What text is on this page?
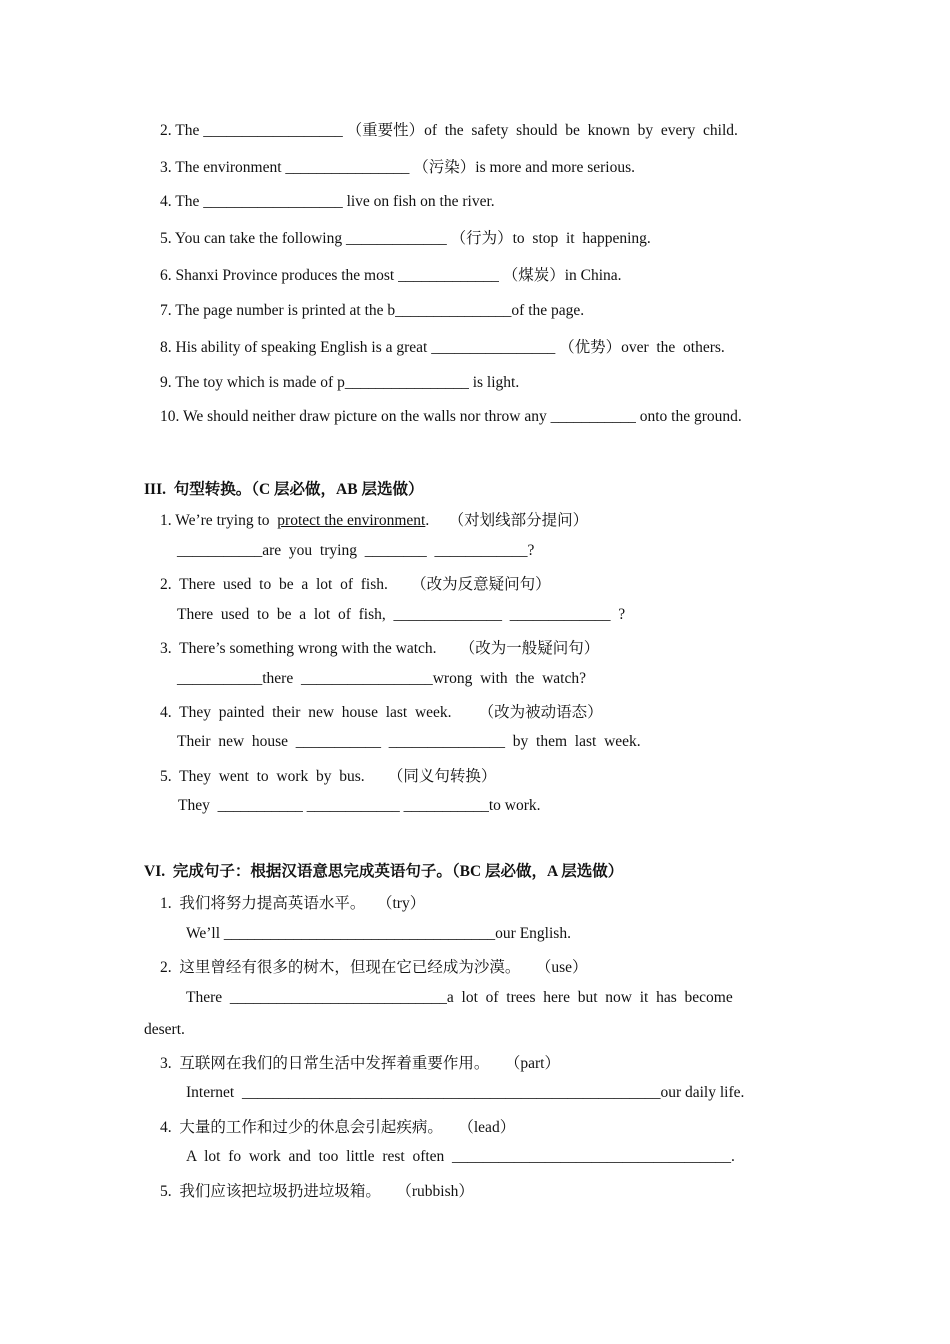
2. The __________________ （重要性）of  the  safety  should  be  known  by  every  child.
3. The environment ________________ （污染）is more and more serious.
4. The __________________ live on fish on the river.
5. You can take the following _____________ （行为）to  stop  it  happening.
6. Shanxi Province produces the most _____________ （煤炭）in China.
7. The page number is printed at the b_______________of the page.
8. His ability of speaking English is a great ________________ （优势）over  the  others.
9. The toy which is made of p________________ is light.
10. We should neither draw picture on the walls nor throw any ___________ onto the ground.
III.  句型转换。（C 层必做，AB 层选做）
1. We’re trying to  protect the environment.     （对划线部分提问）
___________are  you  trying  ________  ____________?
2.  There  used  to  be  a  lot  of  fish.      （改为反意疑问句）
There  used  to  be  a  lot  of  fish,  ______________  _____________  ?
3.  There’s something wrong with the watch.      （改为一般疑问句）
___________there  _________________wrong  with  the  watch?
4.  They  painted  their  new  house  last  week.       （改为被动语态）
Their  new  house  ___________  _______________  by  them  last  week.
5.  They  went  to  work  by  bus.      （同义句转换）
They  ___________ ____________ ___________to work.
VI.  完成句子：根据汉语意思完成英语句子。（BC 层必做，A 层选做）
1.  我们将努力提高英语水平。   （try）
We’ll ___________________________________our English.
2.  这里曾经有很多的树木，但现在它已经成为沙漠。    （use）
There  ____________________________a  lot  of  trees  here  but  now  it  has  become
desert.
3.  互联网在我们的日常生活中发挥着重要作用。    （part）
Internet  ______________________________________________________our daily life.
4.  大量的工作和过少的休息会引起疾病。    （lead）
A  lot  fo  work  and  too  little  rest  often  ____________________________________.
5.  我们应该把垃圾扔进垃圾箱。    （rubbish）
